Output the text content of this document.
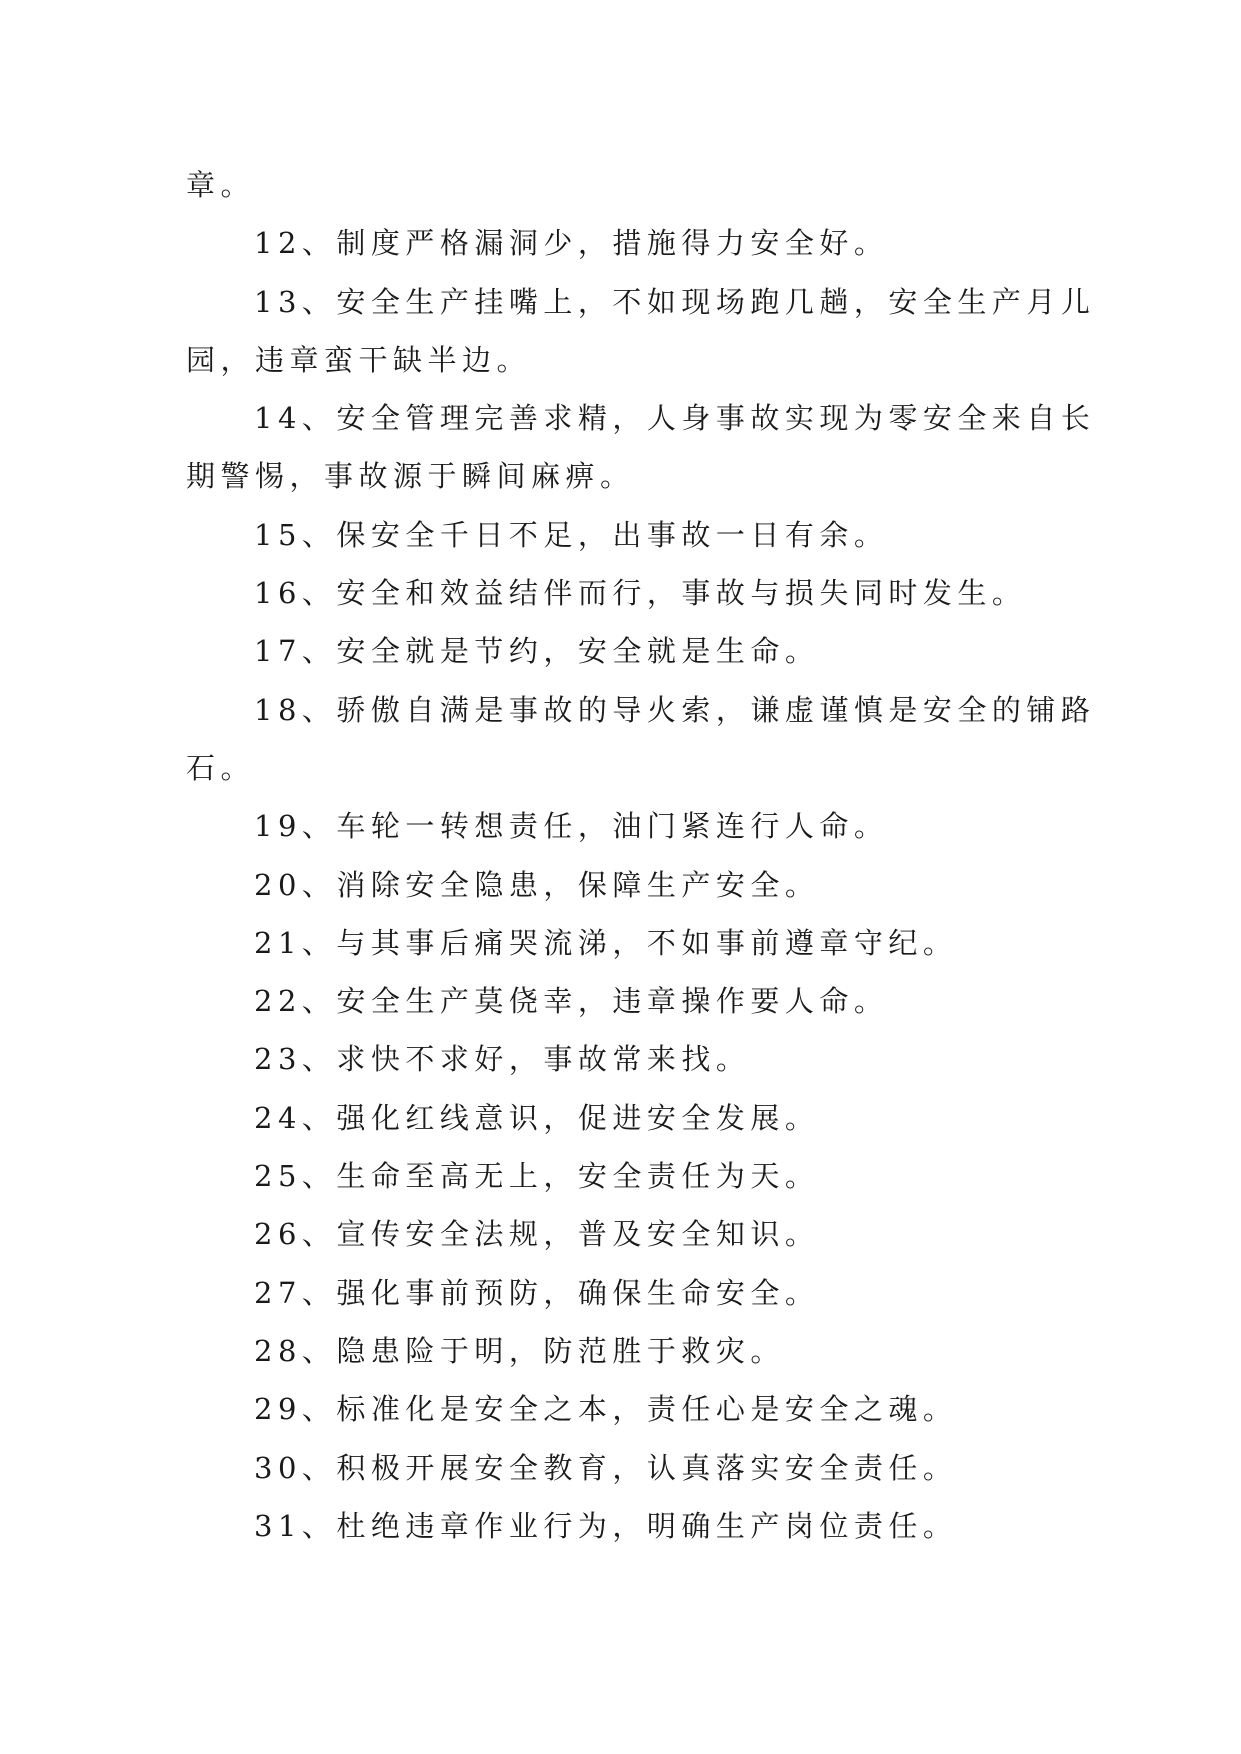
章。
12、制度严格漏洞少，措施得力安全好。
13、安全生产挂嘴上，不如现场跑几趟，安全生产月儿
园，违章蛮干缺半边。
14、安全管理完善求精，人身事故实现为零安全来自长
期警惕，事故源于瞬间麻痹。
15、保安全千日不足，出事故一日有余。
16、安全和效益结伴而行，事故与损失同时发生。
17、安全就是节约，安全就是生命。
18、骄傲自满是事故的导火索，谦虚谨慎是安全的铺路
石。
19、车轮一转想责任，油门紧连行人命。
20、消除安全隐患，保障生产安全。
21、与其事后痛哭流涕，不如事前遵章守纪。
22、安全生产莫侥幸，违章操作要人命。
23、求快不求好，事故常来找。
24、强化红线意识，促进安全发展。
25、生命至高无上，安全责任为天。
26、宣传安全法规，普及安全知识。
27、强化事前预防，确保生命安全。
28、隐患险于明，防范胜于救灾。
29、标准化是安全之本，责任心是安全之魂。
30、积极开展安全教育，认真落实安全责任。
31、杜绝违章作业行为，明确生产岗位责任。
